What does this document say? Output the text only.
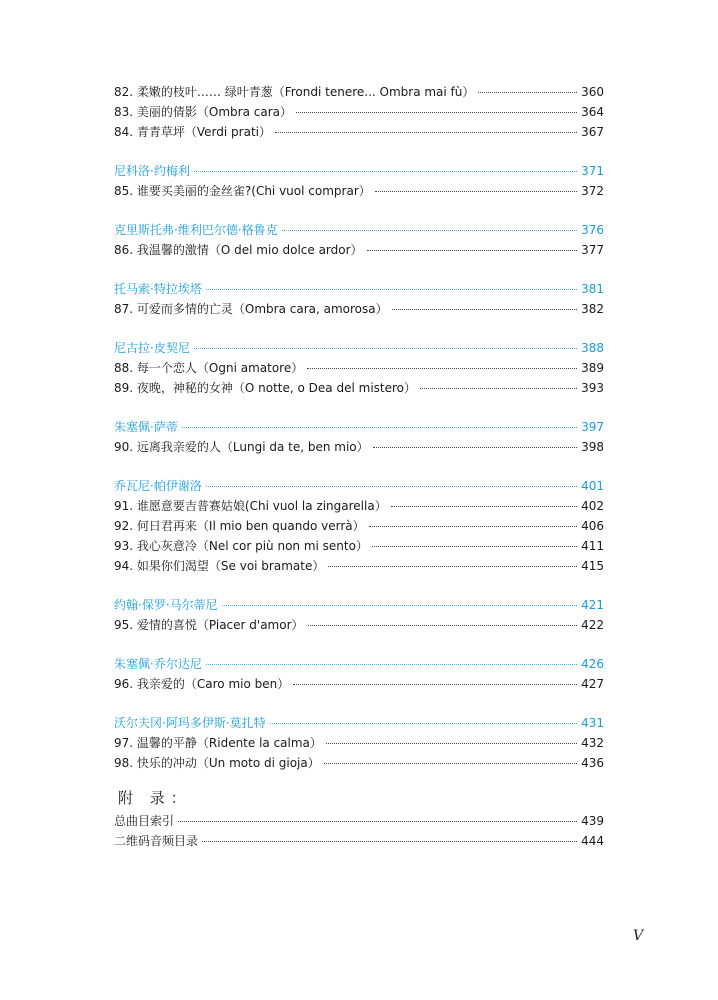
82. 柔嫩的枝叶…… 绿叶青葱（Frondi tenere... Ombra mai fù）	360
83. 美丽的倩影（Ombra cara）	364
84. 青青草坪（Verdi prati）	367
尼科洛·约梅利	371
85. 谁要买美丽的金丝雀?(Chi vuol comprar）	372
克里斯托弗·维利巴尔德·格鲁克	376
86. 我温馨的激情（O del mio dolce ardor）	377
托马索·特拉埃塔	381
87. 可爱而多情的亡灵（Ombra cara, amorosa）	382
尼古拉·皮契尼	388
88. 每一个恋人（Ogni amatore）	389
89. 夜晚，神秘的女神（O notte, o Dea del mistero）	393
朱塞佩·萨蒂	397
90. 远离我亲爱的人（Lungi da te, ben mio）	398
乔瓦尼·帕伊谢洛	401
91. 谁愿意要吉普赛姑娘(Chi vuol la zingarella）	402
92. 何日君再来（Il mio ben quando verrà）	406
93. 我心灰意冷（Nel cor più non mi sento）	411
94. 如果你们渴望（Se voi bramate）	415
约翰·保罗·马尔蒂尼	421
95. 爱情的喜悦（Piacer d'amor）	422
朱塞佩·乔尔达尼	426
96. 我亲爱的（Caro mio ben）	427
沃尔夫冈·阿玛多伊斯·莫扎特	431
97. 温馨的平静（Ridente la calma）	432
98. 快乐的冲动（Un moto di gioja）	436
附 录：
总曲目索引	439
二维码音频目录	444
V
